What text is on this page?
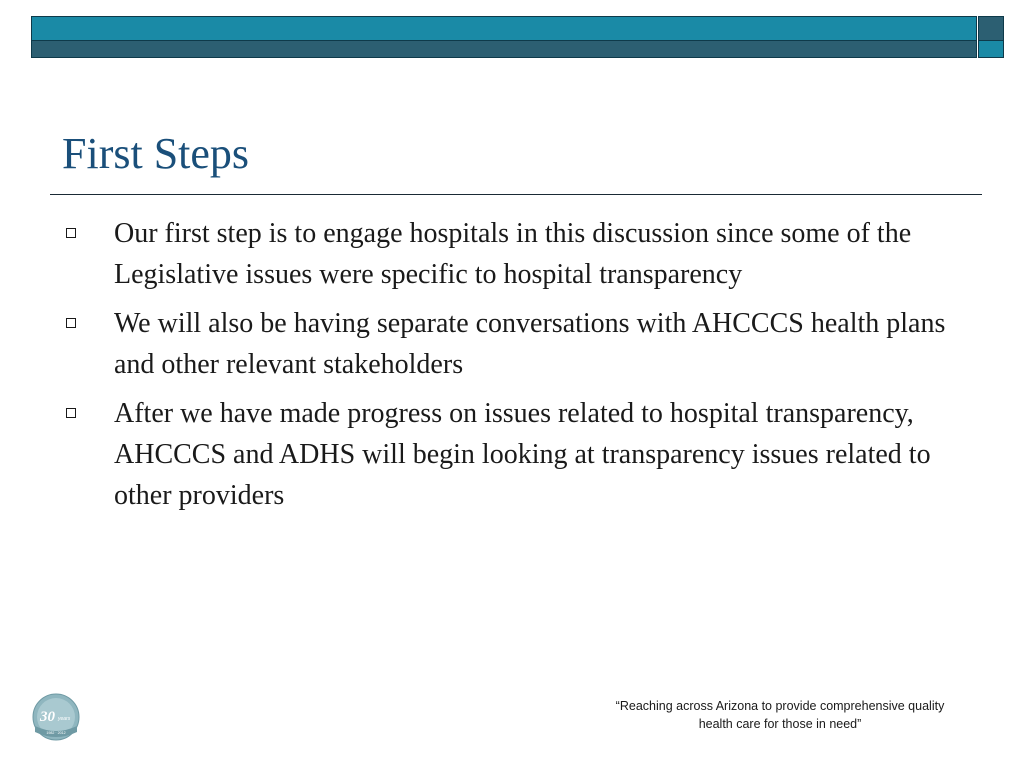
First Steps
Our first step is to engage hospitals in this discussion since some of the Legislative issues were specific to hospital transparency
We will also be having separate conversations with AHCCCS health plans and other relevant stakeholders
After we have made progress on issues related to hospital transparency, AHCCCS and ADHS will begin looking at transparency issues related to other providers
30 years
1982 · 2012

“Reaching across Arizona to provide comprehensive quality
health care for those in need”
